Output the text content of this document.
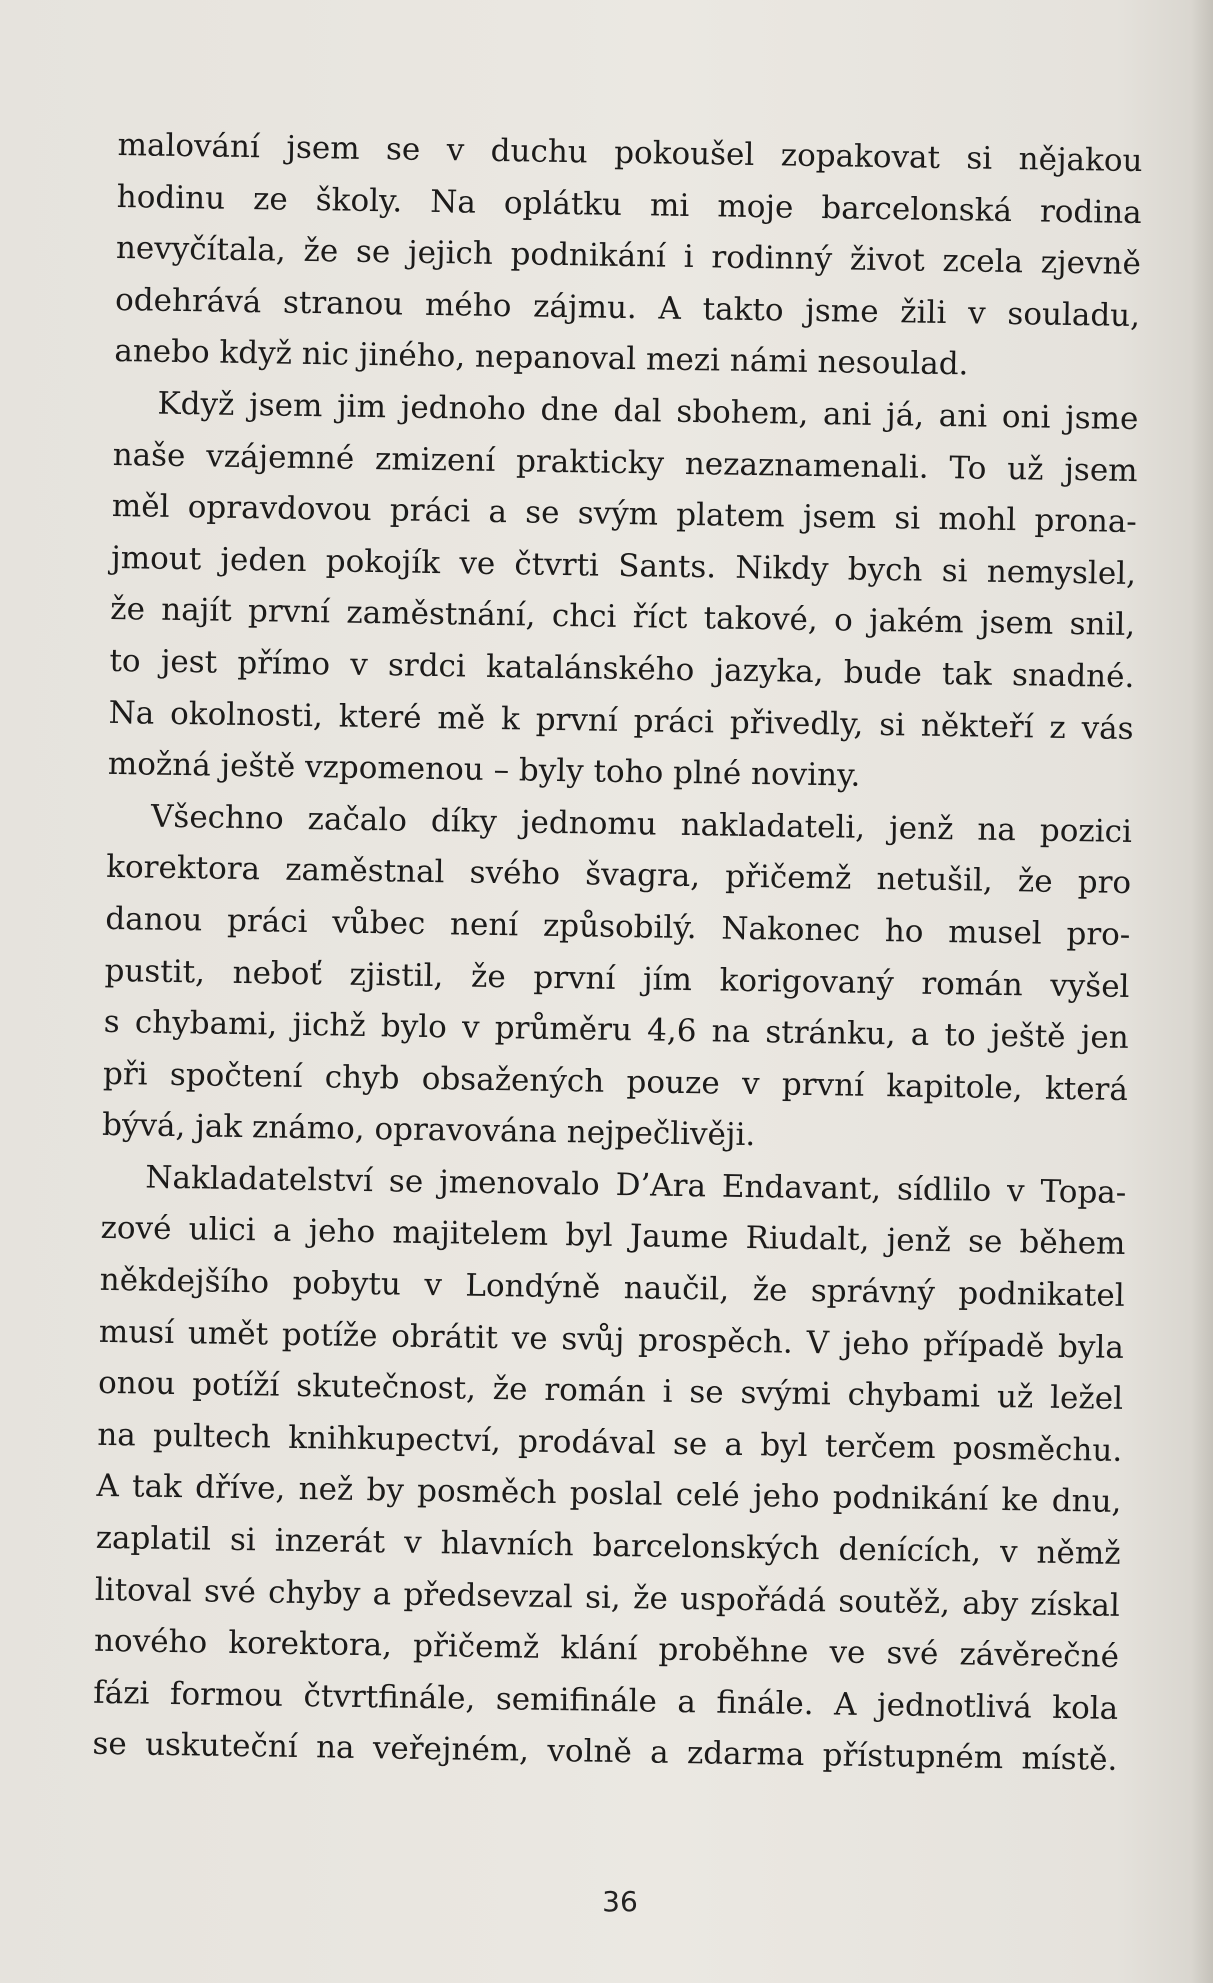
malování jsem se v duchu pokoušel zopakovat si nějakou
hodinu ze školy. Na oplátku mi moje barcelonská rodina
nevyčítala, že se jejich podnikání i rodinný život zcela zjevně
odehrává stranou mého zájmu. A takto jsme žili v souladu,
anebo když nic jiného, nepanoval mezi námi nesoulad.
Když jsem jim jednoho dne dal sbohem, ani já, ani oni jsme
naše vzájemné zmizení prakticky nezaznamenali. To už jsem
měl opravdovou práci a se svým platem jsem si mohl prona-
jmout jeden pokojík ve čtvrti Sants. Nikdy bych si nemyslel,
že najít první zaměstnání, chci říct takové, o jakém jsem snil,
to jest přímo v srdci katalánského jazyka, bude tak snadné.
Na okolnosti, které mě k první práci přivedly, si někteří z vás
možná ještě vzpomenou – byly toho plné noviny.
Všechno začalo díky jednomu nakladateli, jenž na pozici
korektora zaměstnal svého švagra, přičemž netušil, že pro
danou práci vůbec není způsobilý. Nakonec ho musel pro-
pustit, neboť zjistil, že první jím korigovaný román vyšel
s chybami, jichž bylo v průměru 4,6 na stránku, a to ještě jen
při spočtení chyb obsažených pouze v první kapitole, která
bývá, jak známo, opravována nejpečlivěji.
Nakladatelství se jmenovalo D’Ara Endavant, sídlilo v Topa-
zové ulici a jeho majitelem byl Jaume Riudalt, jenž se během
někdejšího pobytu v Londýně naučil, že správný podnikatel
musí umět potíže obrátit ve svůj prospěch. V jeho případě byla
onou potíží skutečnost, že román i se svými chybami už ležel
na pultech knihkupectví, prodával se a byl terčem posměchu.
A tak dříve, než by posměch poslal celé jeho podnikání ke dnu,
zaplatil si inzerát v hlavních barcelonských denících, v němž
litoval své chyby a předsevzal si, že uspořádá soutěž, aby získal
nového korektora, přičemž klání proběhne ve své závěrečné
fázi formou čtvrtfinále, semifinále a finále. A jednotlivá kola
se uskuteční na veřejném, volně a zdarma přístupném místě.
36
